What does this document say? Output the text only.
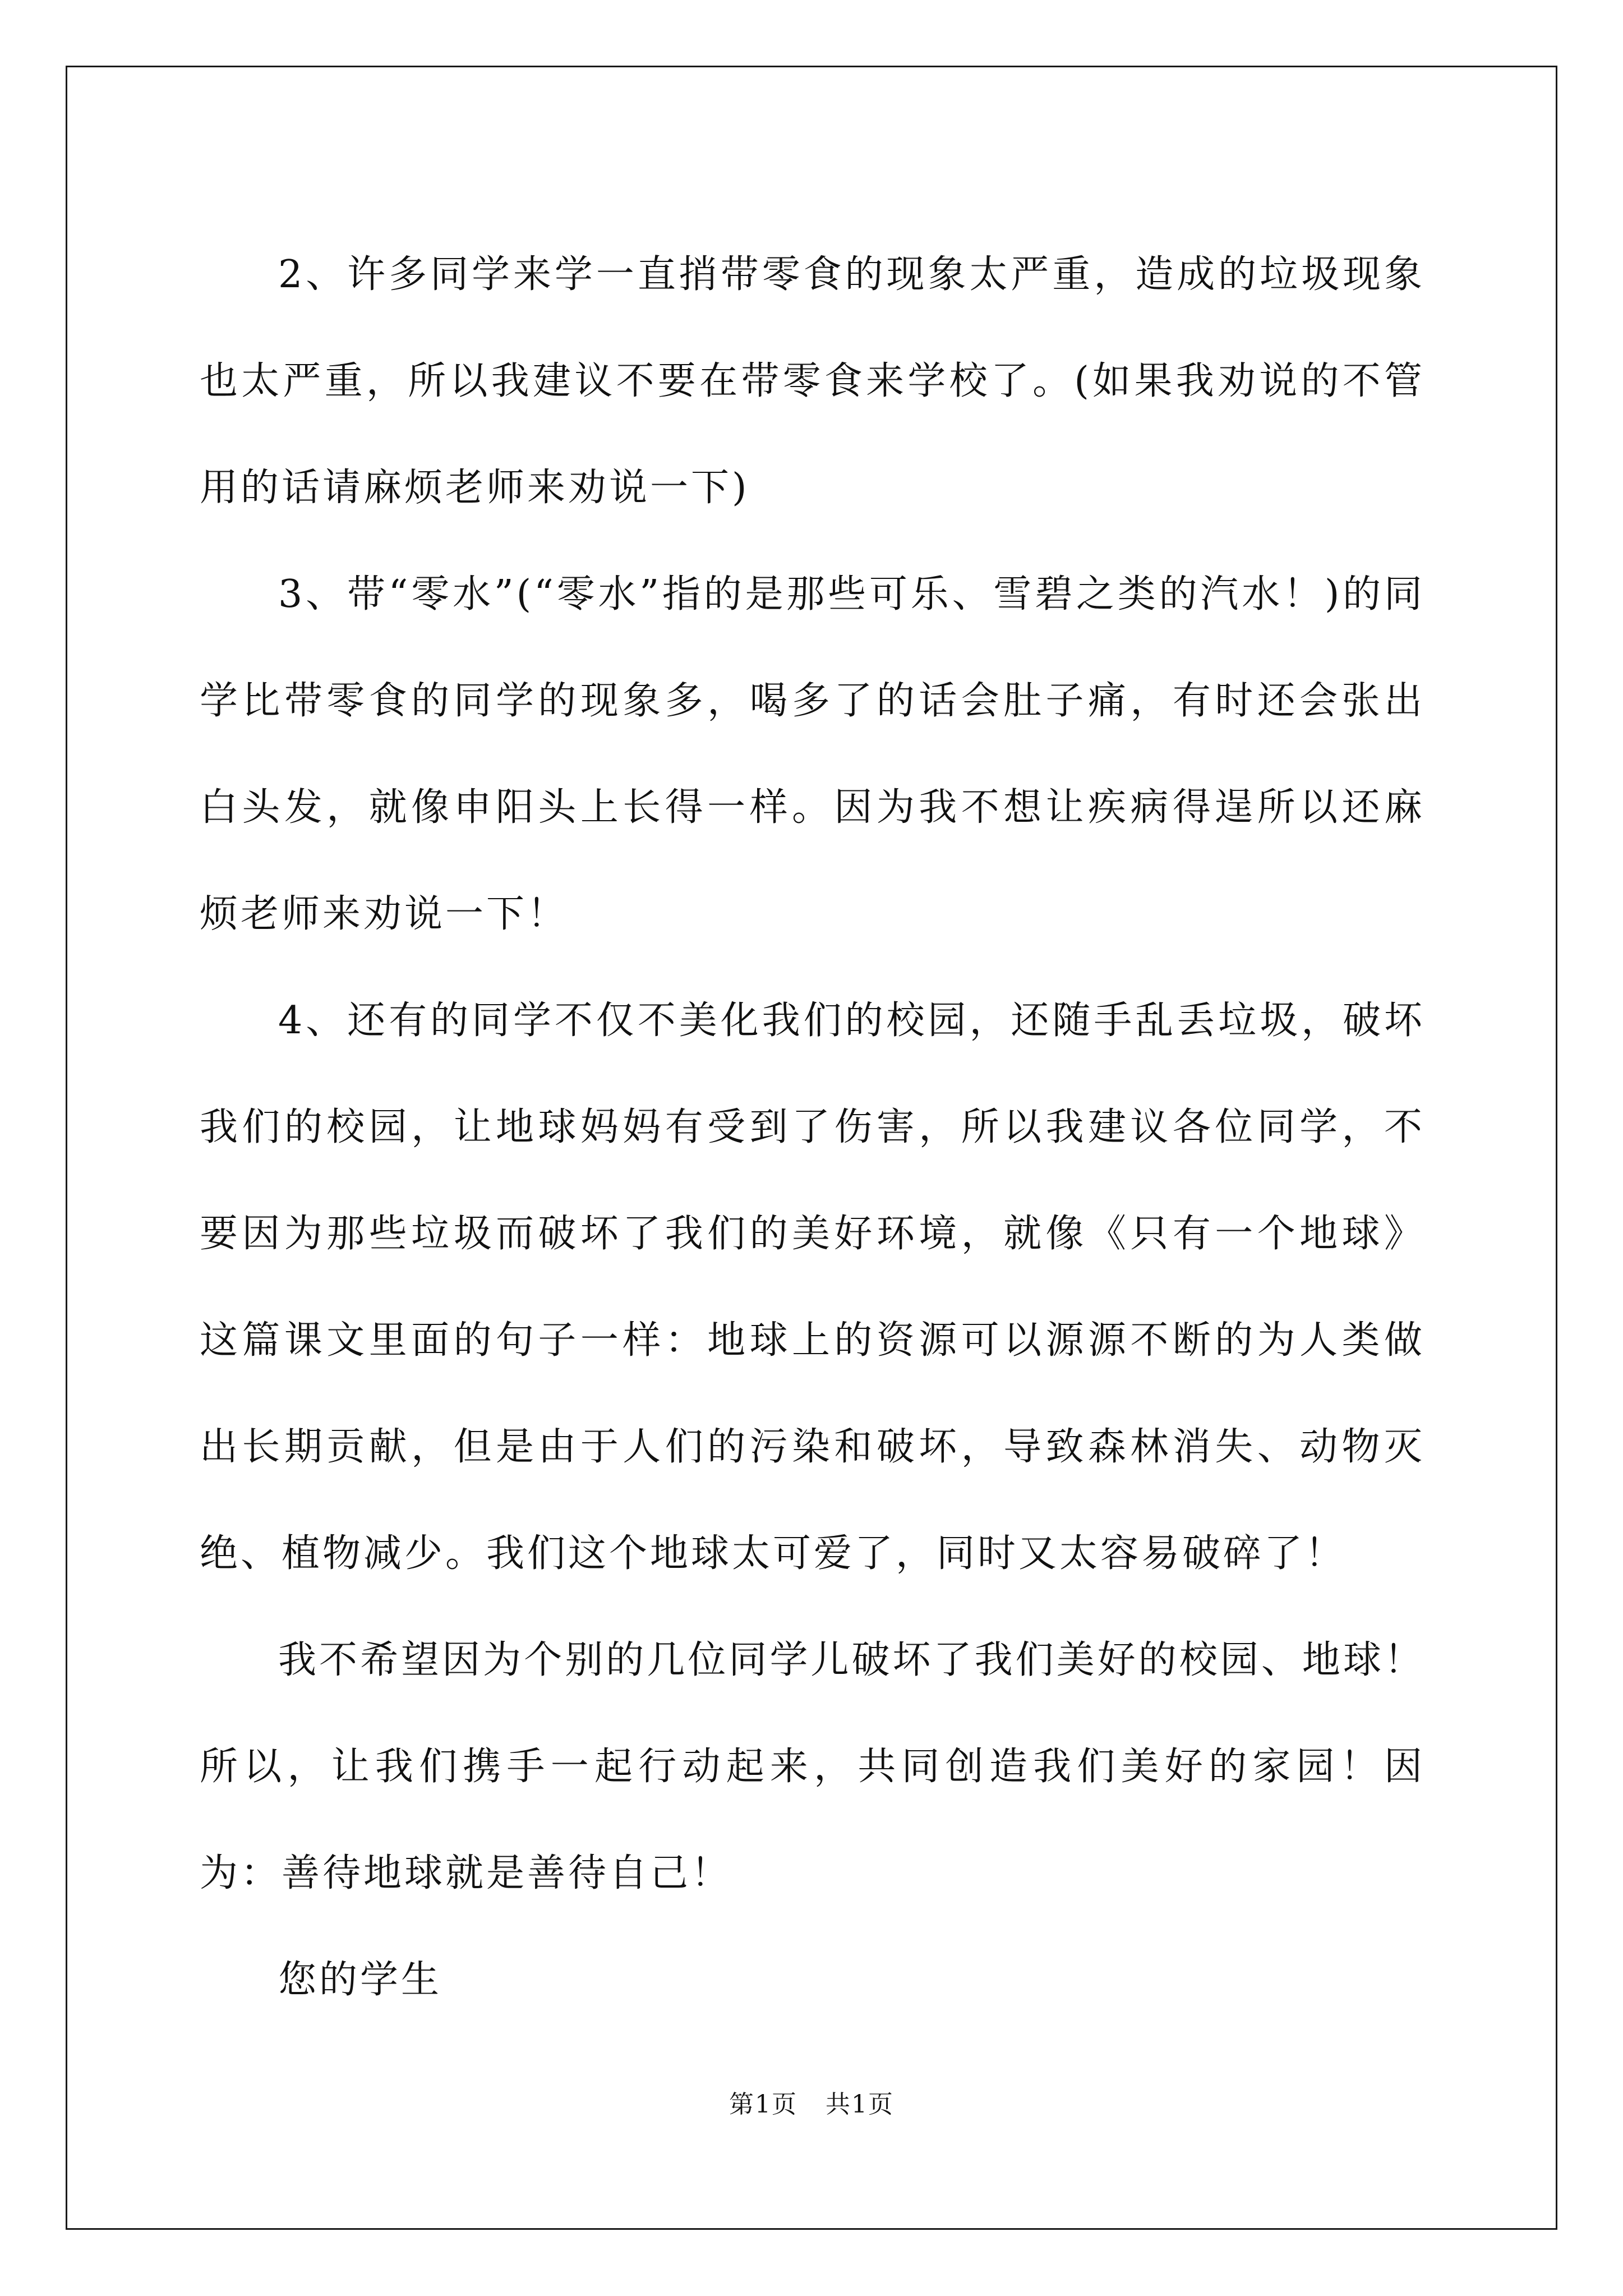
2、许多同学来学一直捎带零食的现象太严重，造成的垃圾现象也太严重，所以我建议不要在带零食来学校了。(如果我劝说的不管用的话请麻烦老师来劝说一下)

3、带“零水”(“零水”指的是那些可乐、雪碧之类的汽水！)的同学比带零食的同学的现象多，喝多了的话会肚子痛，有时还会张出白头发，就像申阳头上长得一样。因为我不想让疾病得逞所以还麻烦老师来劝说一下！

4、还有的同学不仅不美化我们的校园，还随手乱丢垃圾，破坏我们的校园，让地球妈妈有受到了伤害，所以我建议各位同学，不要因为那些垃圾而破坏了我们的美好环境，就像《只有一个地球》这篇课文里面的句子一样：地球上的资源可以源源不断的为人类做出长期贡献，但是由于人们的污染和破坏，导致森林消失、动物灭绝、植物减少。我们这个地球太可爱了，同时又太容易破碎了！

我不希望因为个别的几位同学儿破坏了我们美好的校园、地球！所以，让我们携手一起行动起来，共同创造我们美好的家园！因为：善待地球就是善待自己！

您的学生

第1页 共1页
